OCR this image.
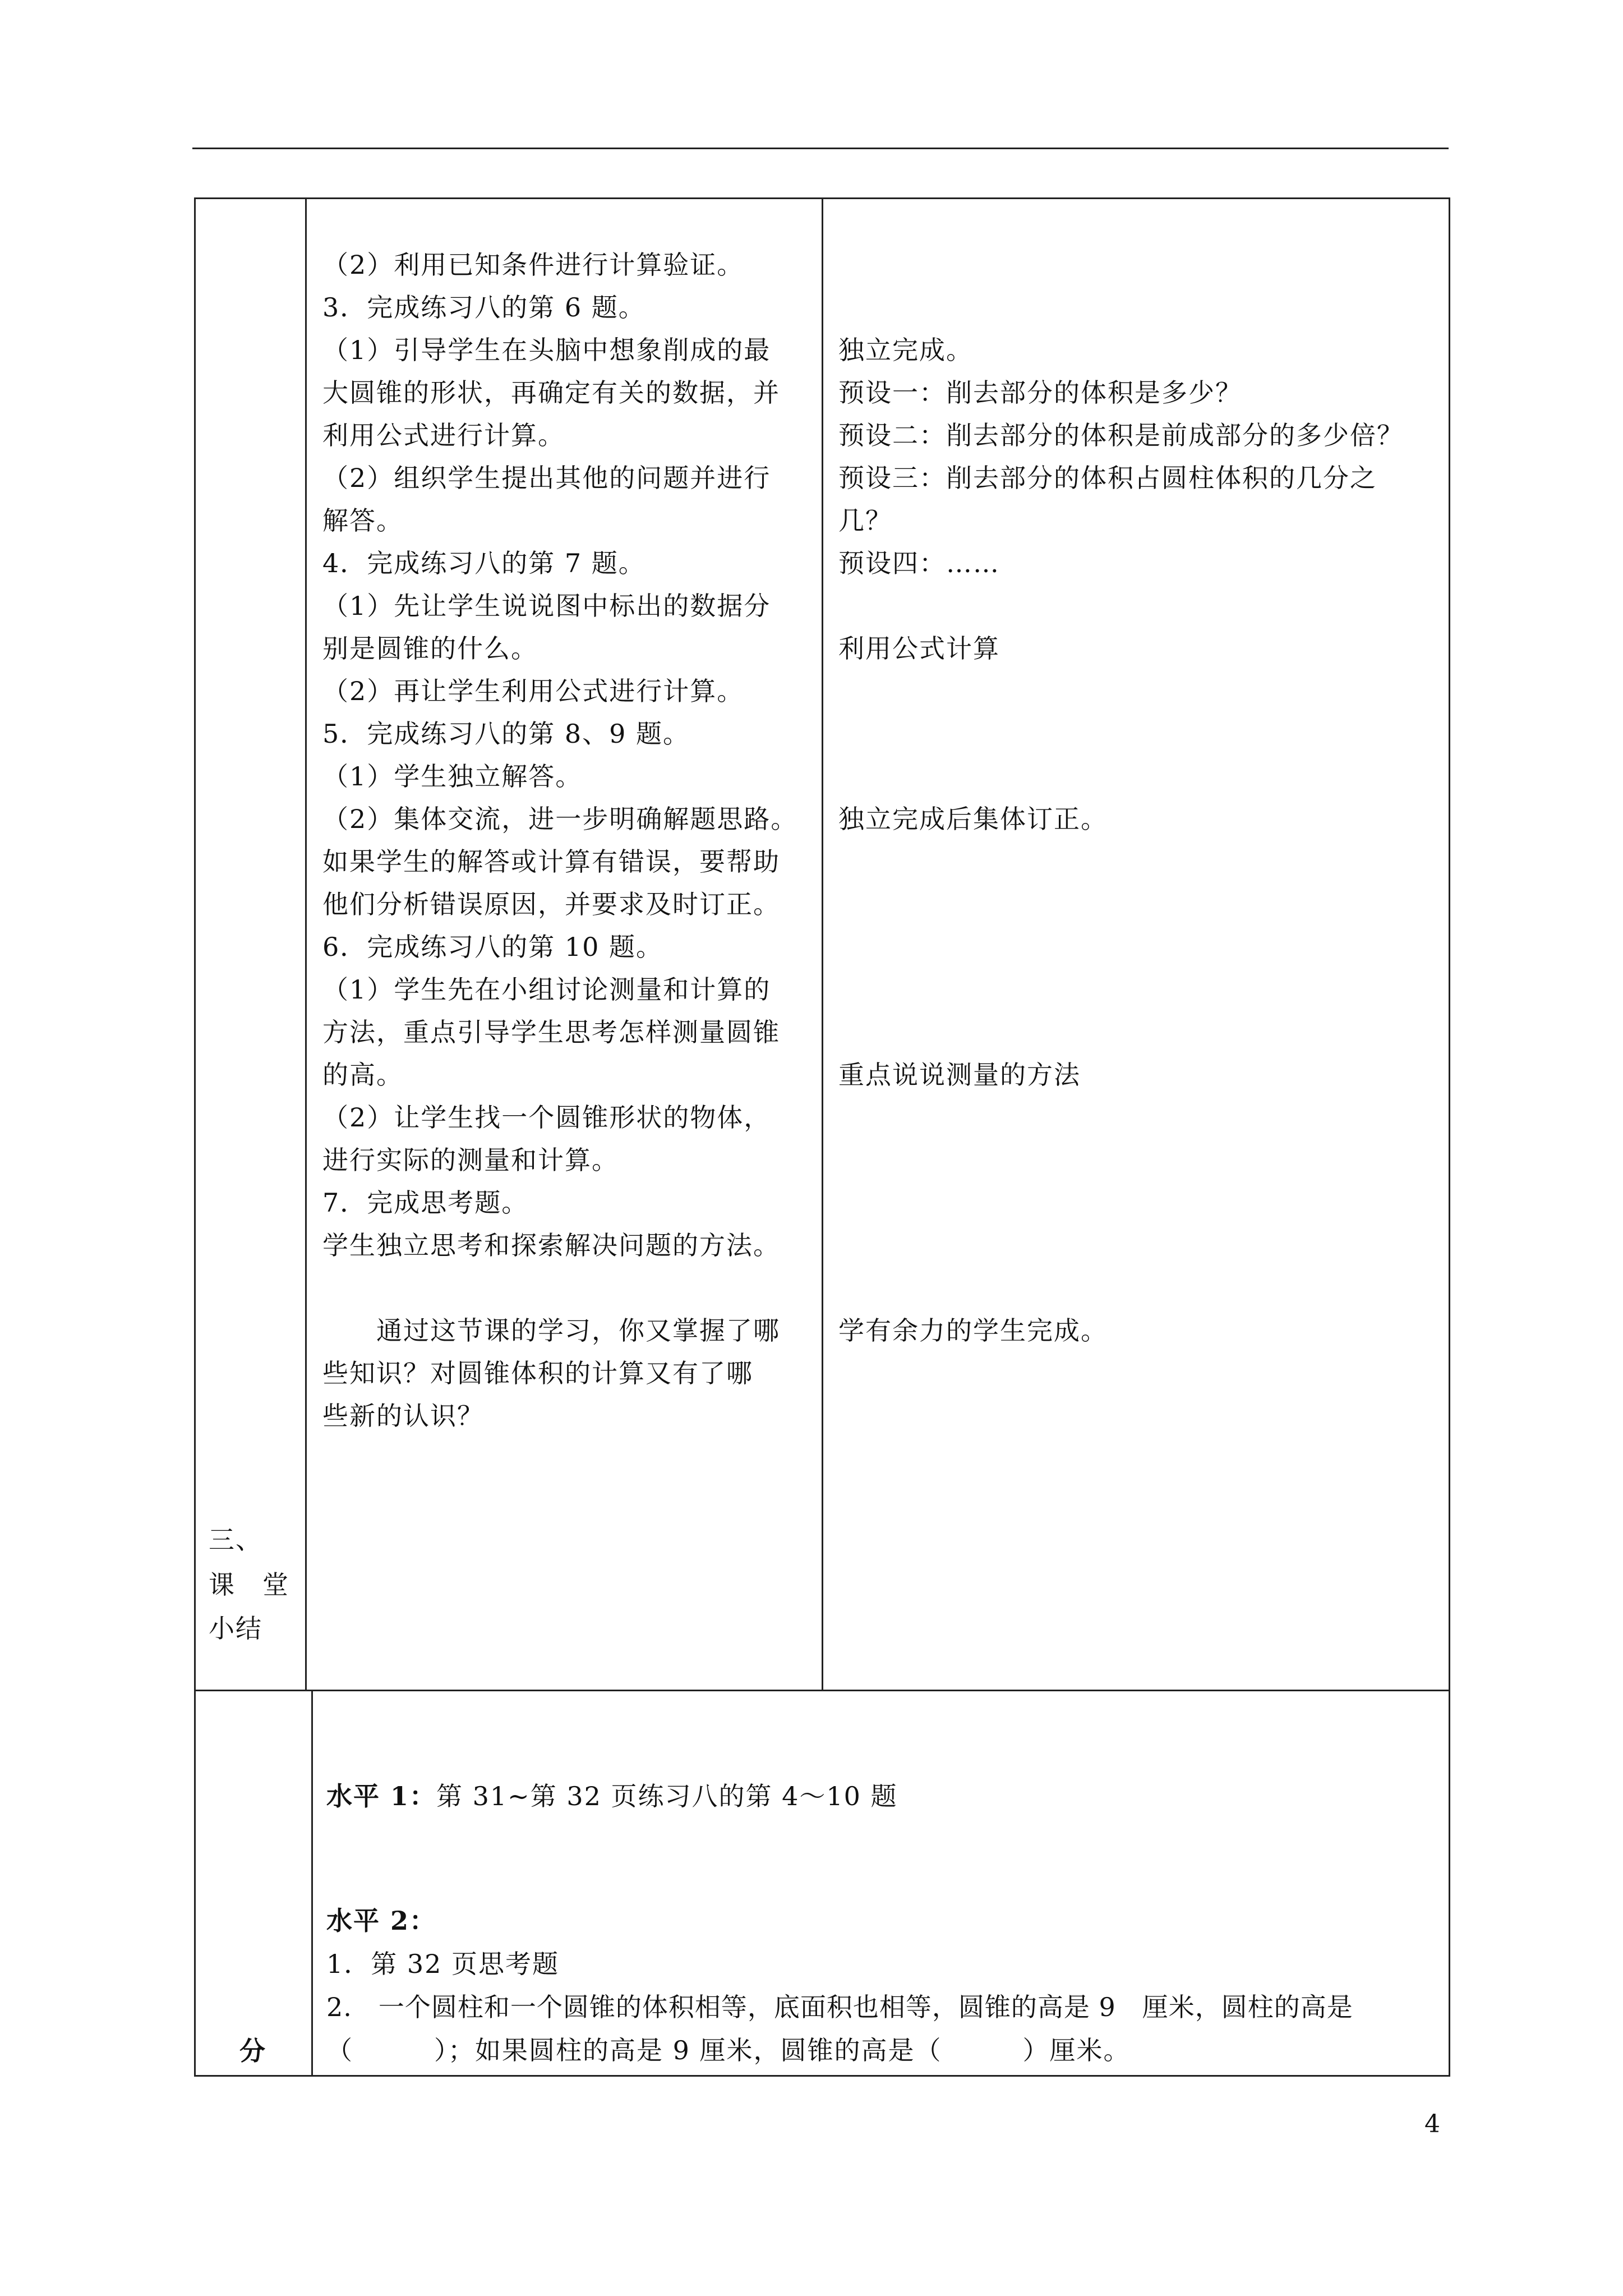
三、
课　堂
小结
（2）利用已知条件进行计算验证。
3．完成练习八的第 6 题。
（1）引导学生在头脑中想象削成的最
大圆锥的形状，再确定有关的数据，并
利用公式进行计算。
（2）组织学生提出其他的问题并进行
解答。
4．完成练习八的第 7 题。
（1）先让学生说说图中标出的数据分
别是圆锥的什么。
（2）再让学生利用公式进行计算。
5．完成练习八的第 8、9 题。
（1）学生独立解答。
（2）集体交流，进一步明确解题思路。
如果学生的解答或计算有错误，要帮助
他们分析错误原因，并要求及时订正。
6．完成练习八的第 10 题。
（1）学生先在小组讨论测量和计算的
方法，重点引导学生思考怎样测量圆锥
的高。
（2）让学生找一个圆锥形状的物体，
进行实际的测量和计算。
7．完成思考题。
学生独立思考和探索解决问题的方法。
　　通过这节课的学习，你又掌握了哪
些知识？对圆锥体积的计算又有了哪
些新的认识？
独立完成。
预设一：削去部分的体积是多少？
预设二：削去部分的体积是前成部分的多少倍？
预设三：削去部分的体积占圆柱体积的几分之
几？
预设四：……
利用公式计算
独立完成后集体订正。
重点说说测量的方法
学有余力的学生完成。
分
水平 1：第 31~第 32 页练习八的第 4～10 题
水平 2：
1．第 32 页思考题
2.　一个圆柱和一个圆锥的体积相等，底面积也相等，圆锥的高是 9　厘米，圆柱的高是
（　　　）；如果圆柱的高是 9 厘米，圆锥的高是（　　　）厘米。
4
